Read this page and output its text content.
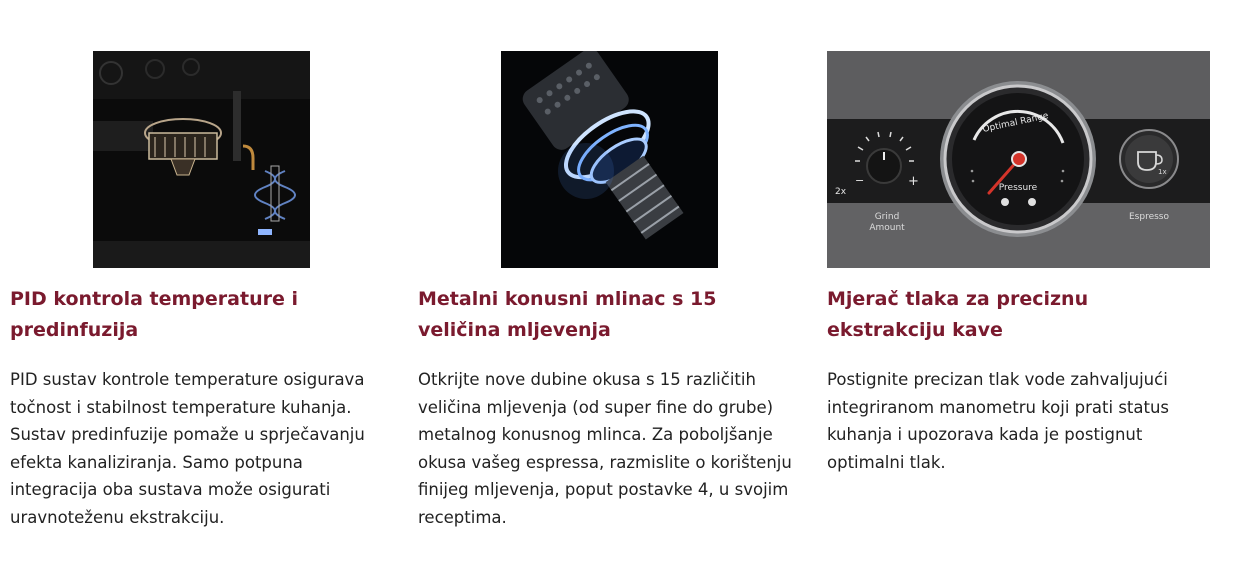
PID kontrola temperature i predinfuzija

PID sustav kontrole temperature osigurava točnost i stabilnost temperature kuhanja. Sustav predinfuzije pomaže u sprječavanju efekta kanaliziranja. Samo potpuna integracija oba sustava može osigurati uravnoteženu ekstrakciju.

Metalni konusni mlinac s 15 veličina mljevenja

Otkrijte nove dubine okusa s 15 različitih veličina mljevenja (od super fine do grube) metalnog konusnog mlinca. Za poboljšanje okusa vašeg espressa, razmislite o korištenju finijeg mljevenja, poput postavke 4, u svojim receptima.

−	+
2x
Grind
Amount
Optimal Range
Pressure
1x
Espresso
Mjerač tlaka za preciznu ekstrakciju kave

Postignite precizan tlak vode zahvaljujući integriranom manometru koji prati status kuhanja i upozorava kada je postignut optimalni tlak.
